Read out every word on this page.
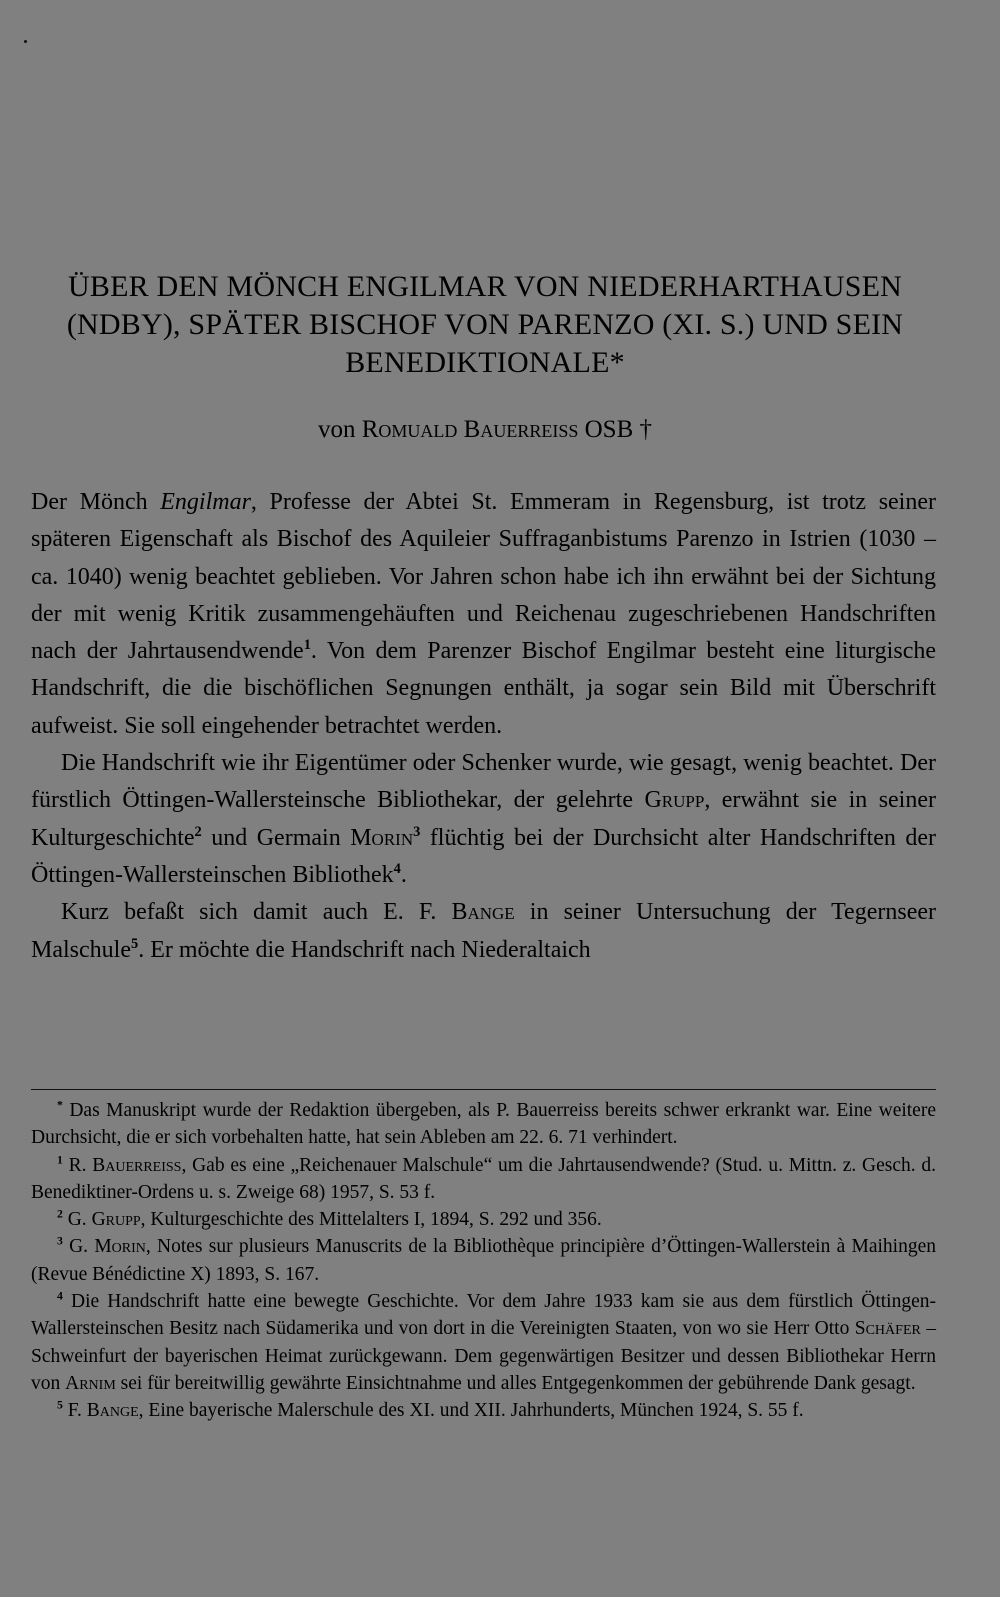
ÜBER DEN MÖNCH ENGILMAR VON NIEDERHARTHAUSEN (NDBY), SPÄTER BISCHOF VON PARENZO (XI. S.) UND SEIN BENEDIKTIONALE*
von Romuald Bauerreiss OSB †

Der Mönch Engilmar, Professe der Abtei St. Emmeram in Regensburg, ist trotz seiner späteren Eigenschaft als Bischof des Aquileier Suffraganbistums Parenzo in Istrien (1030 – ca. 1040) wenig beachtet geblieben. Vor Jahren schon habe ich ihn erwähnt bei der Sichtung der mit wenig Kritik zusammengehäuften und Reichenau zugeschriebenen Handschriften nach der Jahrtausendwende$^1$. Von dem Parenzer Bischof Engilmar besteht eine liturgische Handschrift, die die bischöflichen Segnungen enthält, ja sogar sein Bild mit Überschrift aufweist. Sie soll eingehender betrachtet werden.

Die Handschrift wie ihr Eigentümer oder Schenker wurde, wie gesagt, wenig beachtet. Der fürstlich Öttingen-Wallersteinsche Bibliothekar, der gelehrte Grupp, erwähnt sie in seiner Kulturgeschichte$^2$ und Germain Morin$^3$ flüchtig bei der Durchsicht alter Handschriften der Öttingen-Wallersteinschen Bibliothek$^4$.

Kurz befaßt sich damit auch E. F. Bange in seiner Untersuchung der Tegernseer Malschule$^5$. Er möchte die Handschrift nach Niederaltaich

* Das Manuskript wurde der Redaktion übergeben, als P. Bauerreiss bereits schwer erkrankt war. Eine weitere Durchsicht, die er sich vorbehalten hatte, hat sein Ableben am 22. 6. 71 verhindert.

$^1$ R. Bauerreiss, Gab es eine „Reichenauer Malschule“ um die Jahrtausendwende? (Stud. u. Mittn. z. Gesch. d. Benediktiner-Ordens u. s. Zweige 68) 1957, S. 53 f.

$^2$ G. Grupp, Kulturgeschichte des Mittelalters I, 1894, S. 292 und 356.

$^3$ G. Morin, Notes sur plusieurs Manuscrits de la Bibliothèque principière d’Öttingen-Wallerstein à Maihingen (Revue Bénédictine X) 1893, S. 167.

$^4$ Die Handschrift hatte eine bewegte Geschichte. Vor dem Jahre 1933 kam sie aus dem fürstlich Öttingen-Wallersteinschen Besitz nach Südamerika und von dort in die Vereinigten Staaten, von wo sie Herr Otto Schäfer – Schweinfurt der bayerischen Heimat zurückgewann. Dem gegenwärtigen Besitzer und dessen Bibliothekar Herrn von Arnim sei für bereitwillig gewährte Einsichtnahme und alles Entgegenkommen der gebührende Dank gesagt.

$^5$ F. Bange, Eine bayerische Malerschule des XI. und XII. Jahrhunderts, München 1924, S. 55 f.
